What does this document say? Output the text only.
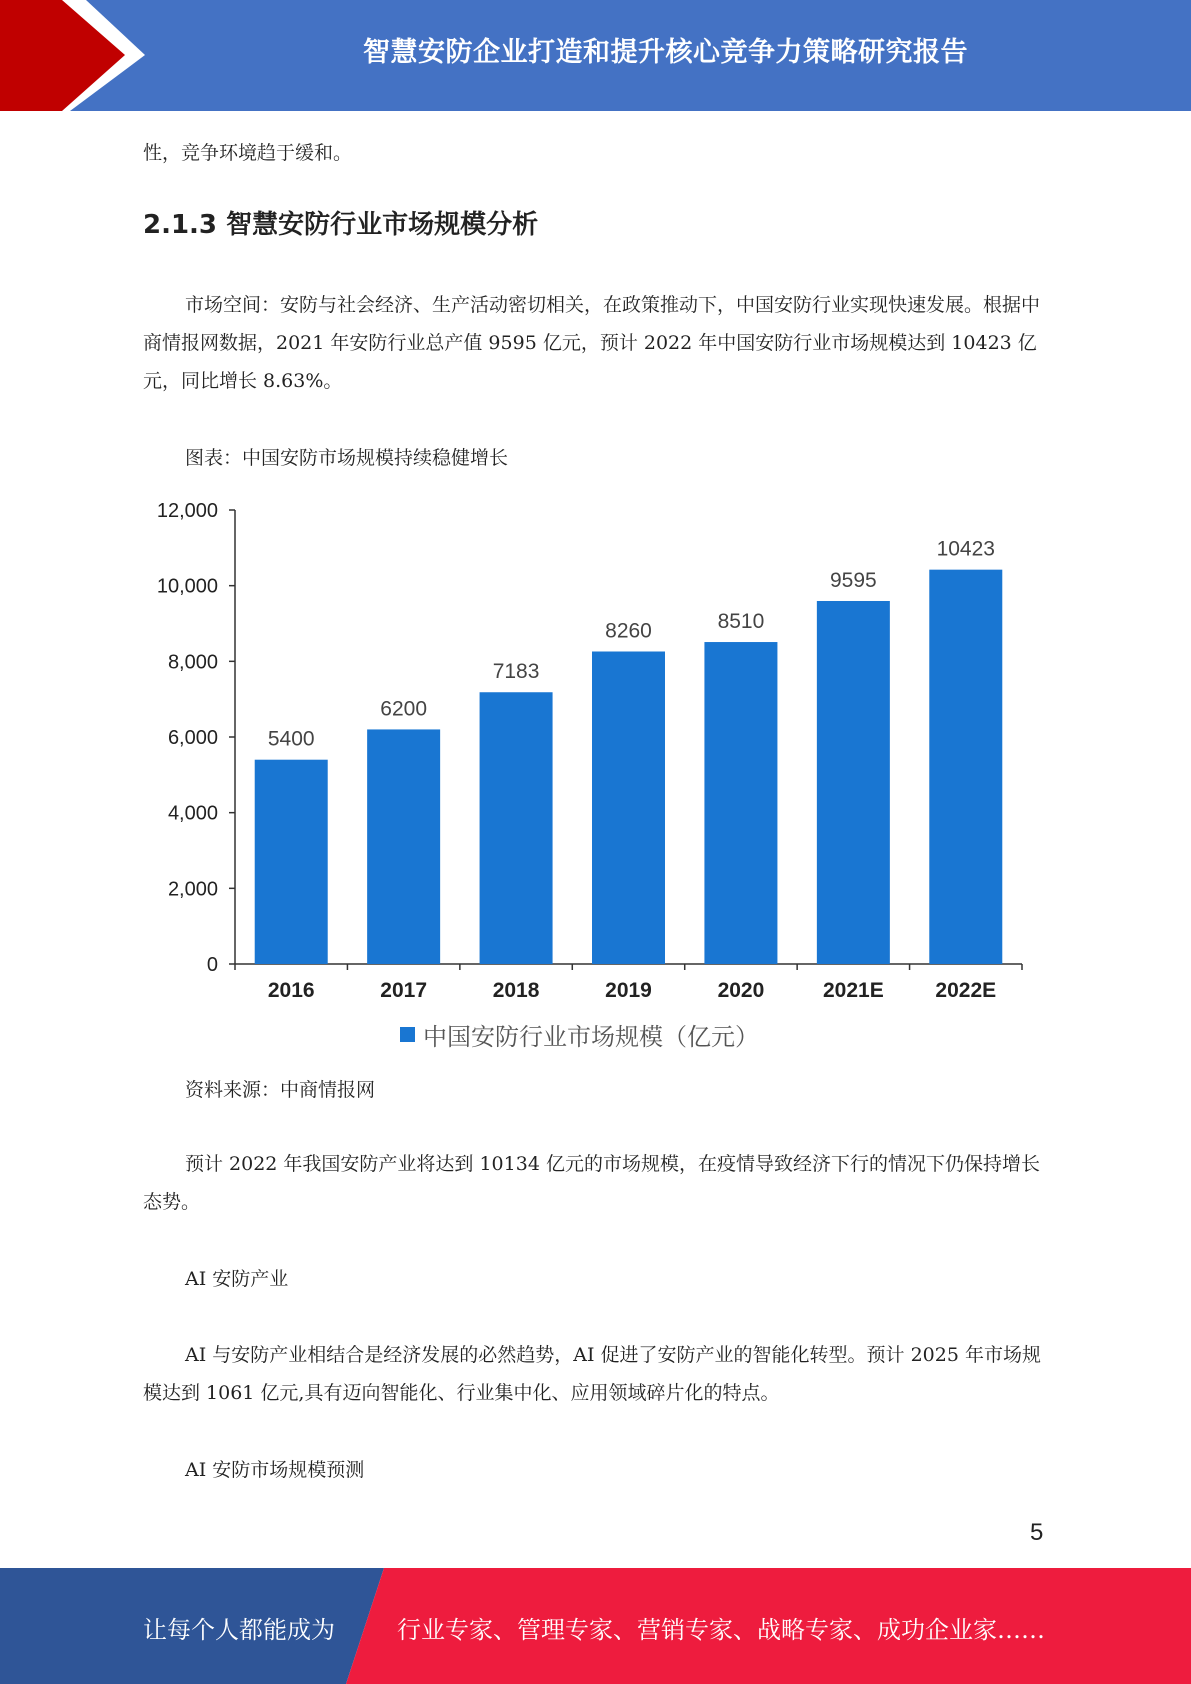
智慧安防企业打造和提升核心竞争力策略研究报告

性，竞争环境趋于缓和。

2.1.3 智慧安防行业市场规模分析

市场空间：安防与社会经济、生产活动密切相关，在政策推动下，中国安防行业实现快速发展。根据中商情报网数据，2021 年安防行业总产值 9595 亿元，预计 2022 年中国安防行业市场规模达到 10423 亿元，同比增长 8.63%。

图表：中国安防市场规模持续稳健增长

0
2,000
4,000
6,000
8,000
10,000
12,000
5400
2016
6200
2017
7183
2018
8260
2019
8510
2020
9595
2021E
10423
2022E
中国安防行业市场规模（亿元）

资料来源：中商情报网

预计 2022 年我国安防产业将达到 10134 亿元的市场规模，在疫情导致经济下行的情况下仍保持增长态势。

AI 安防产业

AI 与安防产业相结合是经济发展的必然趋势，AI 促进了安防产业的智能化转型。预计 2025 年市场规模达到 1061 亿元,具有迈向智能化、行业集中化、应用领域碎片化的特点。

AI 安防市场规模预测

5
让每个人都能成为	行业专家、管理专家、营销专家、战略专家、成功企业家……
